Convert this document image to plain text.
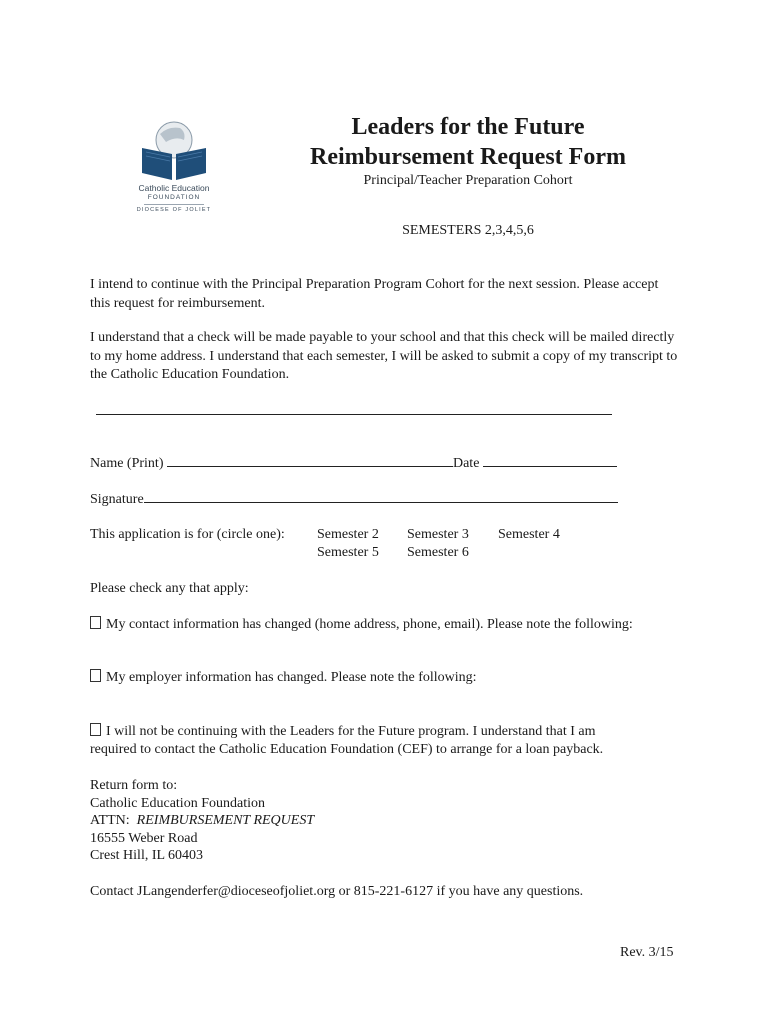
Catholic Education
FOUNDATION
DIOCESE OF JOLIET
Leaders for the Future
Reimbursement Request Form
Principal/Teacher Preparation Cohort
SEMESTERS 2,3,4,5,6
I intend to continue with the Principal Preparation Program Cohort for the next session. Please accept this request for reimbursement.
I understand that a check will be made payable to your school and that this check will be mailed directly to my home address. I understand that each semester, I will be asked to submit a copy of my transcript to the Catholic Education Foundation.
Name (Print)	Date
Signature
This application is for (circle one): Semester 2 Semester 3 Semester 4
Semester 5 Semester 6
Please check any that apply:
My contact information has changed (home address, phone, email). Please note the following:
My employer information has changed. Please note the following:
I will not be continuing with the Leaders for the Future program. I understand that I am
required to contact the Catholic Education Foundation (CEF) to arrange for a loan payback.
Return form to:
Catholic Education Foundation
ATTN: REIMBURSEMENT REQUEST
16555 Weber Road
Crest Hill, IL 60403
Contact JLangenderfer@dioceseofjoliet.org or 815-221-6127 if you have any questions.
Rev. 3/15
